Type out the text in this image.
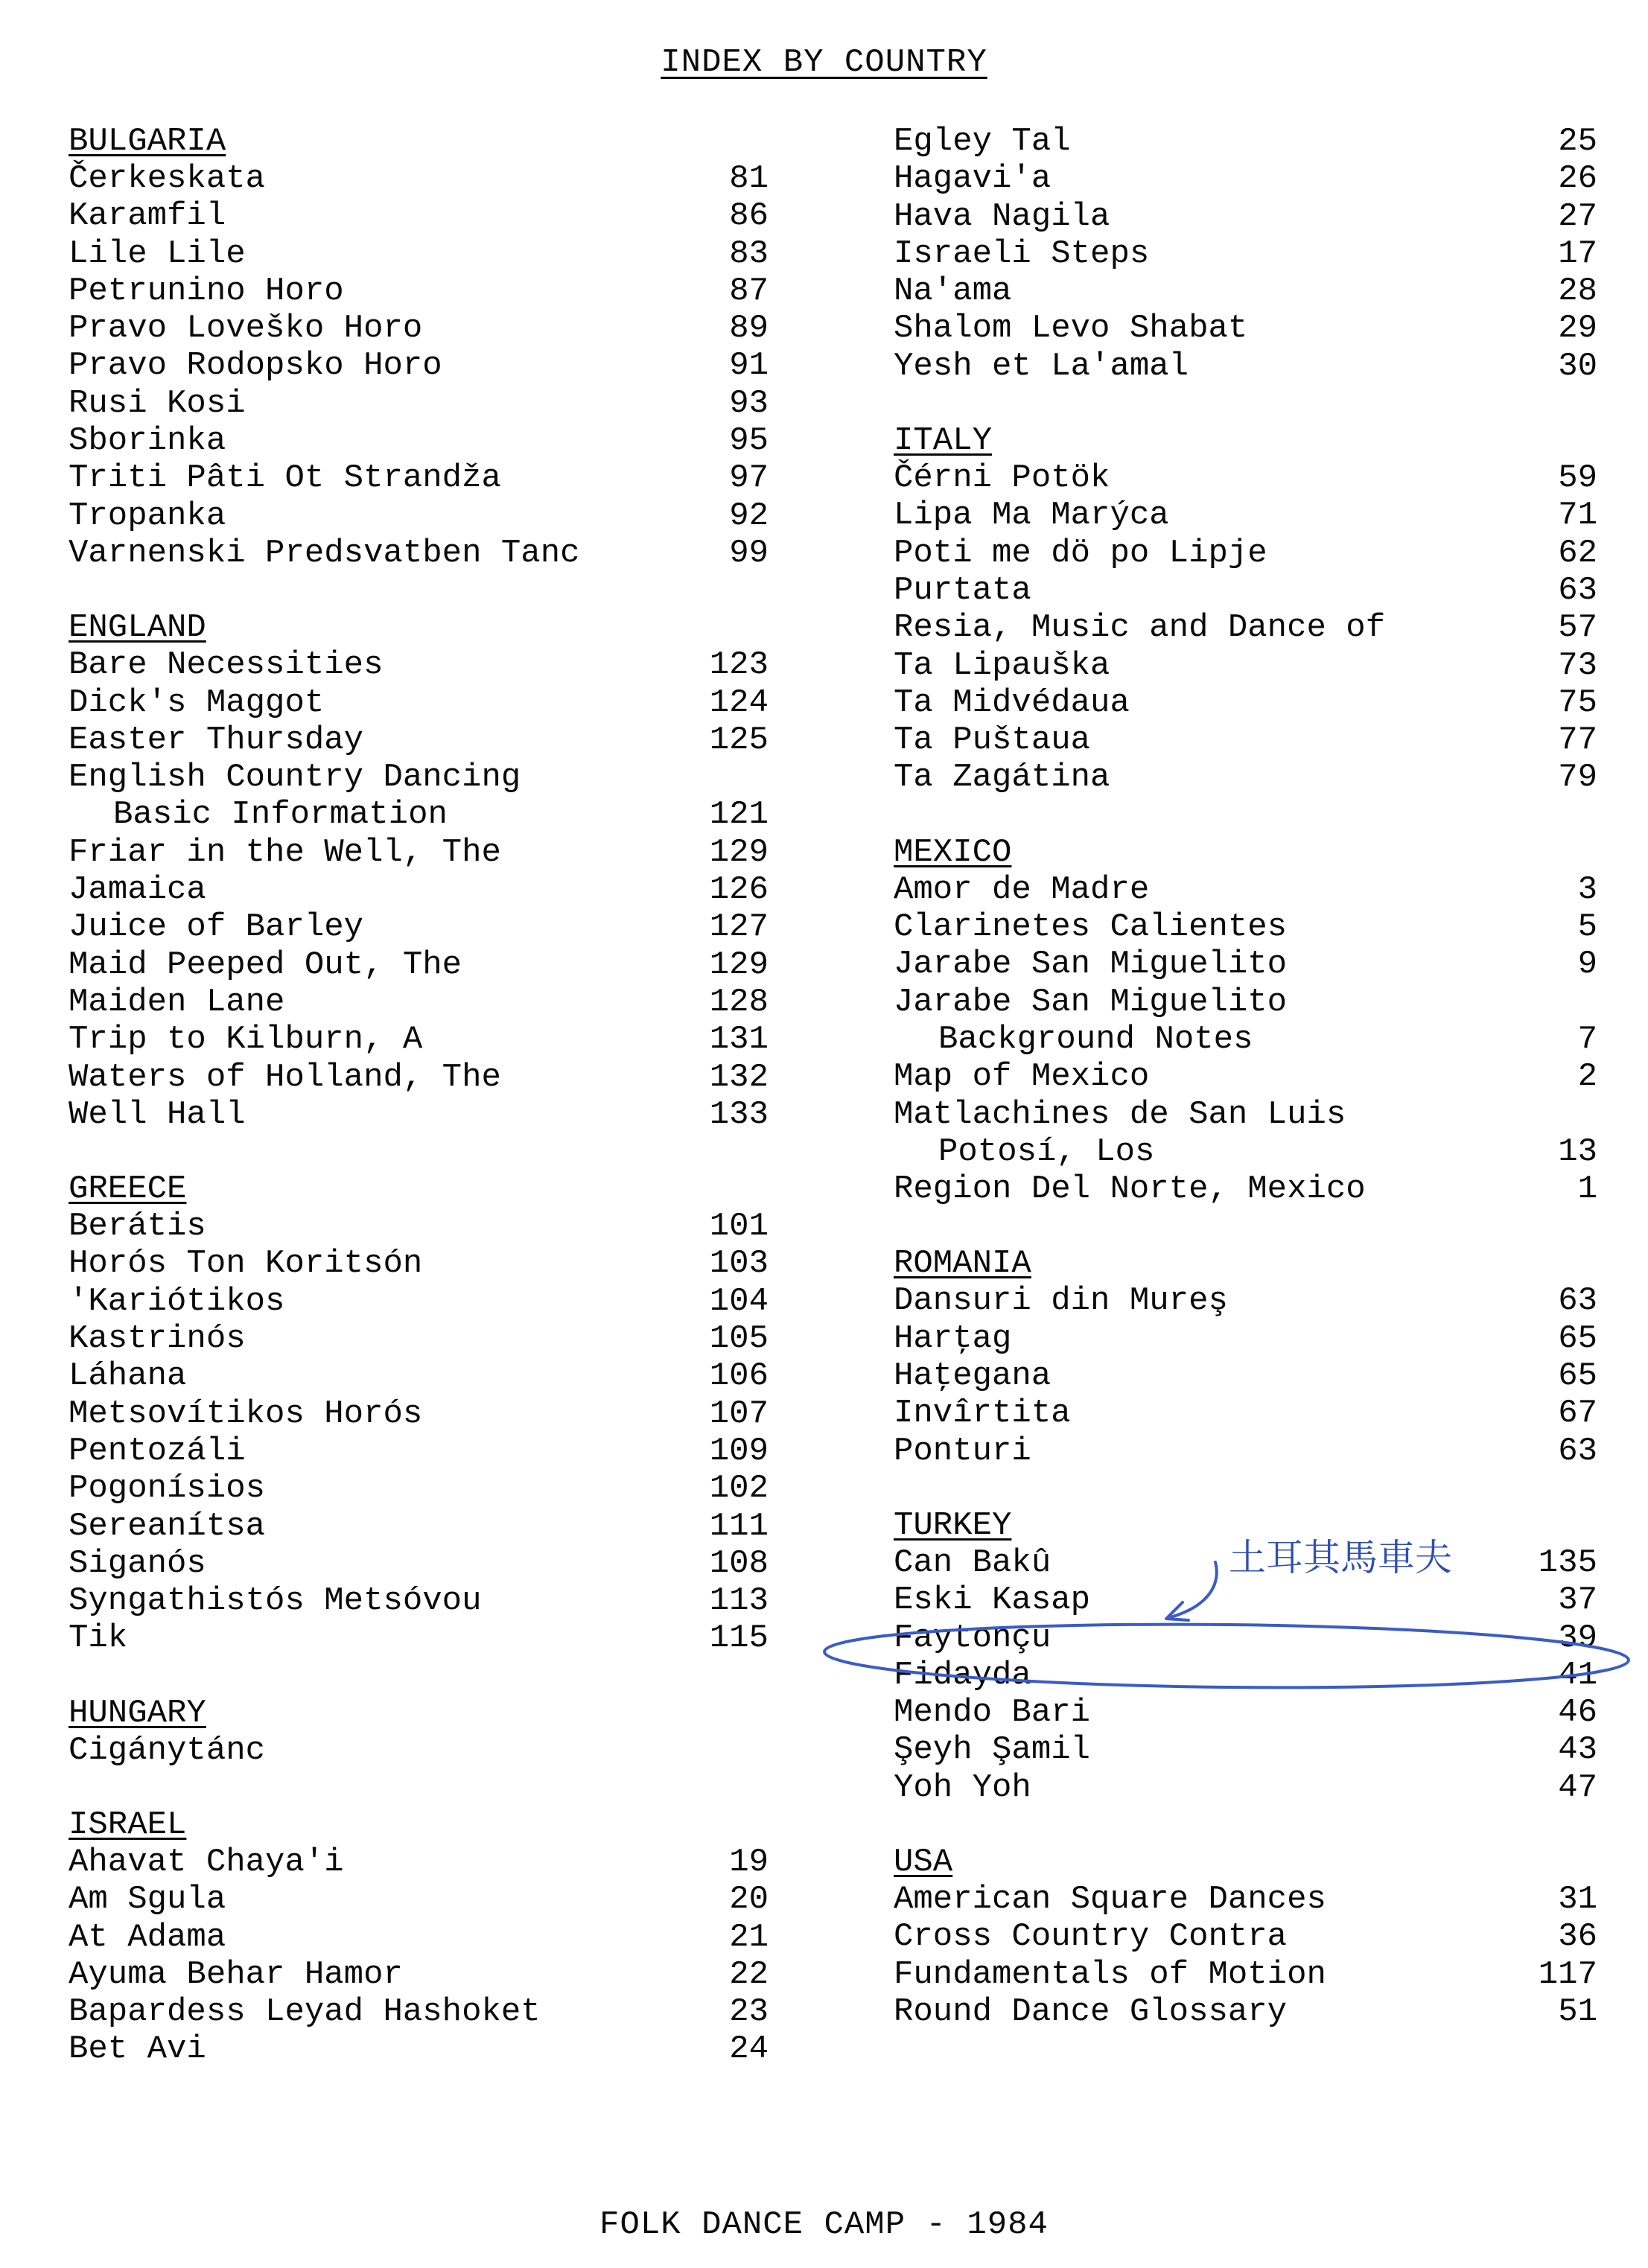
INDEX BY COUNTRY
BULGARIA
Čerkeskata	81
Karamfil	86
Lile Lile	83
Petrunino Horo	87
Pravo Loveško Horo	89
Pravo Rodopsko Horo	91
Rusi Kosi	93
Sborinka	95
Triti Pâti Ot Strandža	97
Tropanka	92
Varnenski Predsvatben Tanc	99
ENGLAND
Bare Necessities	123
Dick's Maggot	124
Easter Thursday	125
English Country Dancing
Basic Information	121
Friar in the Well, The	129
Jamaica	126
Juice of Barley	127
Maid Peeped Out, The	129
Maiden Lane	128
Trip to Kilburn, A	131
Waters of Holland, The	132
Well Hall	133
GREECE
Berátis	101
Horós Ton Koritsón	103
'Kariótikos	104
Kastrinós	105
Láhana	106
Metsovítikos Horós	107
Pentozáli	109
Pogonísios	102
Sereanítsa	111
Siganós	108
Syngathistós Metsóvou	113
Tik	115
HUNGARY
Cigánytánc
ISRAEL
Ahavat Chaya'i	19
Am Sgula	20
At Adama	21
Ayuma Behar Hamor	22
Bapardess Leyad Hashoket	23
Bet Avi	24
Egley Tal	25
Hagavi'a	26
Hava Nagila	27
Israeli Steps	17
Na'ama	28
Shalom Levo Shabat	29
Yesh et La'amal	30
ITALY
Čérni Potök	59
Lipa Ma Marýca	71
Poti me dö po Lipje	62
Purtata	63
Resia, Music and Dance of	57
Ta Lipauška	73
Ta Midvédaua	75
Ta Puštaua	77
Ta Zagátina	79
MEXICO
Amor de Madre	3
Clarinetes Calientes	5
Jarabe San Miguelito	9
Jarabe San Miguelito
Background Notes	7
Map of Mexico	2
Matlachines de San Luis
Potosí, Los	13
Region Del Norte, Mexico	1
ROMANIA
Dansuri din Mureş	63
Harţag	65
Haţegana	65
Invîrtita	67
Ponturi	63
TURKEY
Can Bakû	135
Eski Kasap	37
Faytonçu	39
Fidayda	41
Mendo Bari	46
Şeyh Şamil	43
Yoh Yoh	47
USA
American Square Dances	31
Cross Country Contra	36
Fundamentals of Motion	117
Round Dance Glossary	51
土耳其馬車夫
FOLK DANCE CAMP - 1984
